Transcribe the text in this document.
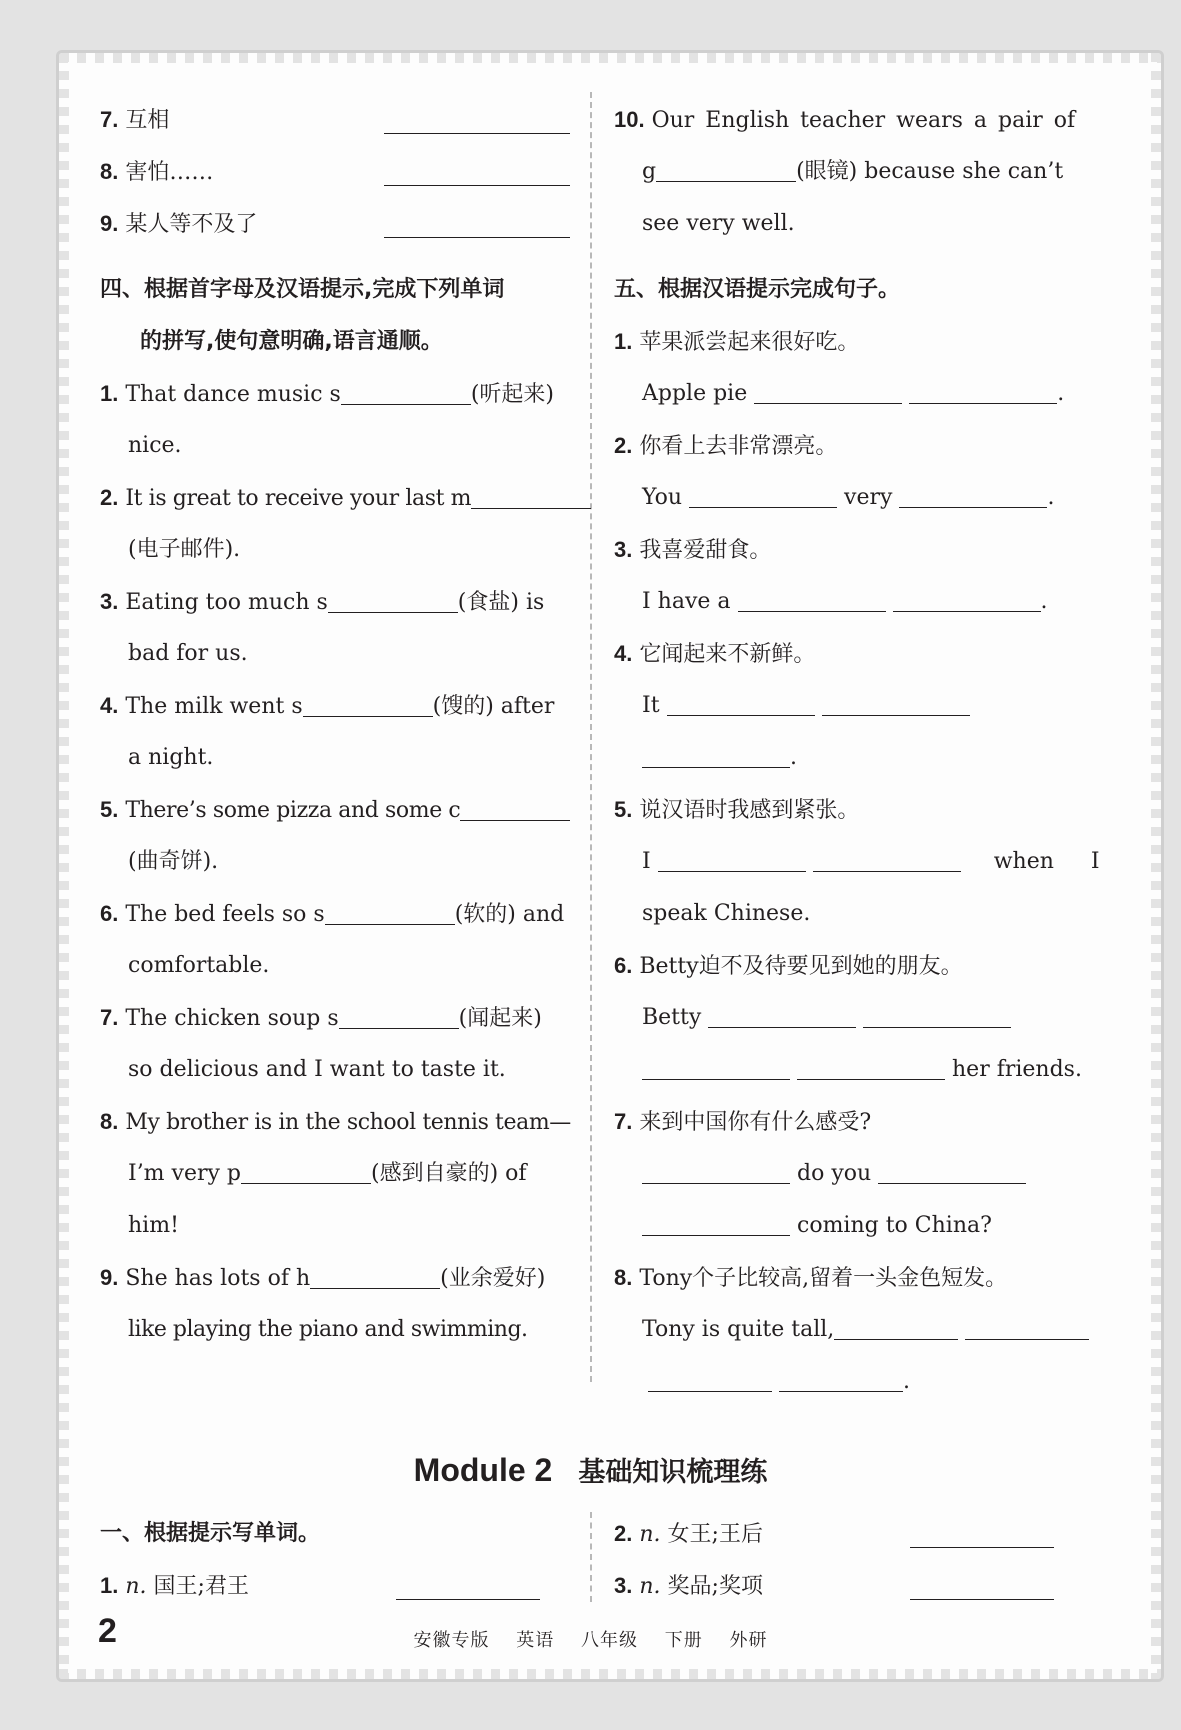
7. 互相
8. 害怕……
9. 某人等不及了
四、根据首字母及汉语提示,完成下列单词
的拼写,使句意明确,语言通顺。
1. That dance music s	(听起来)
nice.
2. It is great to receive your last m
(电子邮件).
3. Eating too much s	(食盐) is
bad for us.
4. The milk went s	(馊的) after
a night.
5. There’s some pizza and some c
(曲奇饼).
6. The bed feels so s	(软的) and
comfortable.
7. The chicken soup s	(闻起来)
so delicious and I want to taste it.
8. My brother is in the school tennis team—
I’m very p	(感到自豪的) of
him!
9. She has lots of h	(业余爱好)
like playing the piano and swimming.
10. Our English teacher wears a pair of
g	(眼镜) because she can’t
see very well.
五、根据汉语提示完成句子。
1. 苹果派尝起来很好吃。
Apple pie	.
2. 你看上去非常漂亮。
You	very	.
3. 我喜爱甜食。
I have a	.
4. 它闻起来不新鲜。
It
.
5. 说汉语时我感到紧张。
I	when I
speak Chinese.
6. Betty迫不及待要见到她的朋友。
Betty
her friends.
7. 来到中国你有什么感受?
do you
coming to China?
8. Tony个子比较高,留着一头金色短发。
Tony is quite tall,
.
Module 2 基础知识梳理练
一、根据提示写单词。
1. n. 国王;君王
2. n. 女王;王后
3. n. 奖品;奖项
2	安徽专版 英语 八年级 下册 外研
